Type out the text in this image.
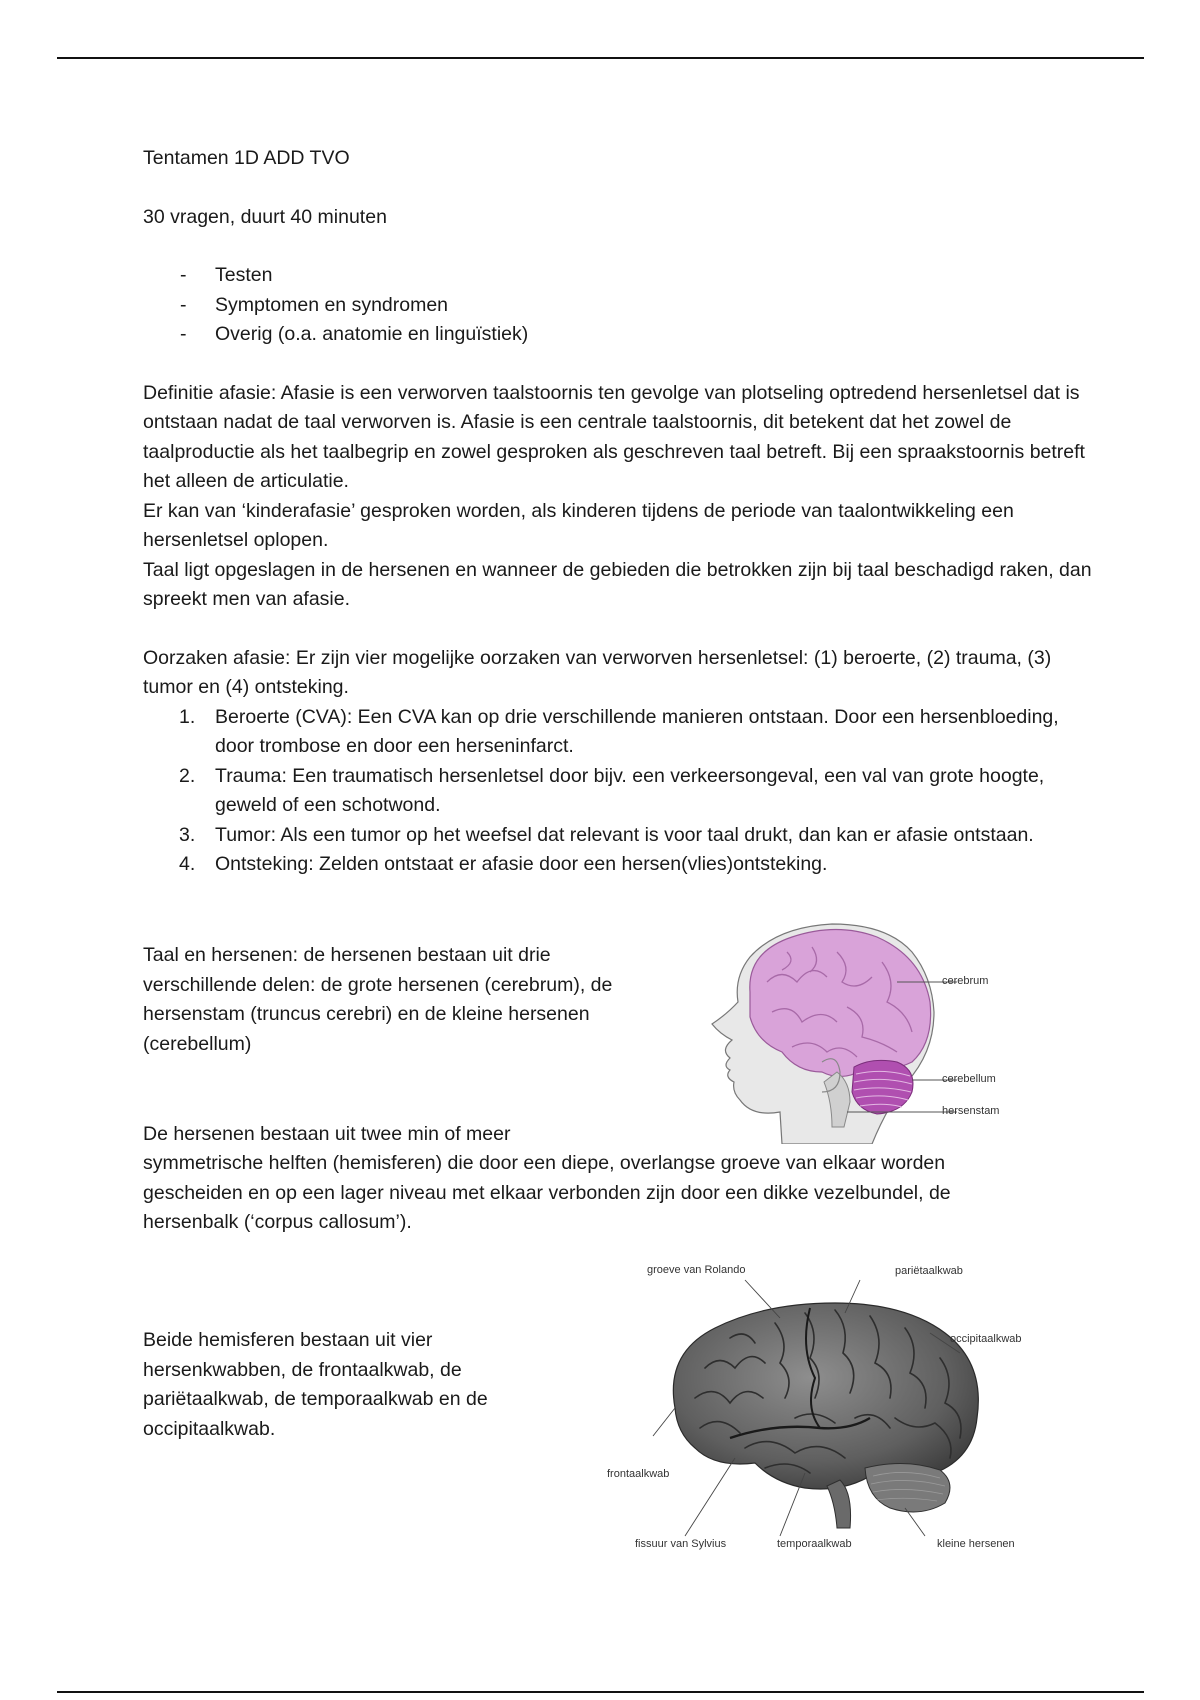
Tentamen 1D ADD TVO

30 vragen, duurt 40 minuten

- Testen
- Symptomen en syndromen
- Overig (o.a. anatomie en linguïstiek)

Definitie afasie: Afasie is een verworven taalstoornis ten gevolge van plotseling optredend hersenletsel dat is ontstaan nadat de taal verworven is. Afasie is een centrale taalstoornis, dit betekent dat het zowel de taalproductie als het taalbegrip en zowel gesproken als geschreven taal betreft. Bij een spraakstoornis betreft het alleen de articulatie.

Er kan van ‘kinderafasie’ gesproken worden, als kinderen tijdens de periode van taalontwikkeling een hersenletsel oplopen.

Taal ligt opgeslagen in de hersenen en wanneer de gebieden die betrokken zijn bij taal beschadigd raken, dan spreekt men van afasie.

Oorzaken afasie: Er zijn vier mogelijke oorzaken van verworven hersenletsel: (1) beroerte, (2) trauma, (3) tumor en (4) ontsteking.

1. Beroerte (CVA): Een CVA kan op drie verschillende manieren ontstaan. Door een hersenbloeding, door trombose en door een herseninfarct.
2. Trauma: Een traumatisch hersenletsel door bijv. een verkeersongeval, een val van grote hoogte, geweld of een schotwond.
3. Tumor: Als een tumor op het weefsel dat relevant is voor taal drukt, dan kan er afasie ontstaan.
4. Ontsteking: Zelden ontstaat er afasie door een hersen(vlies)ontsteking.

Taal en hersenen: de hersenen bestaan uit drie verschillende delen: de grote hersenen (cerebrum), de hersenstam (truncus cerebri) en de kleine hersenen (cerebellum)

De hersenen bestaan uit twee min of meer

symmetrische helften (hemisferen) die door een diepe, overlangse groeve van elkaar worden gescheiden en op een lager niveau met elkaar verbonden zijn door een dikke vezelbundel, de hersenbalk (‘corpus callosum’).

Beide hemisferen bestaan uit vier hersenkwabben, de frontaalkwab, de pariëtaalkwab, de temporaalkwab en de occipitaalkwab.

cerebrum
cerebellum
hersenstam
groeve van Rolando	pariëtaalkwab
occipitaalkwab
frontaalkwab
fissuur van Sylvius	temporaalkwab	kleine hersenen
